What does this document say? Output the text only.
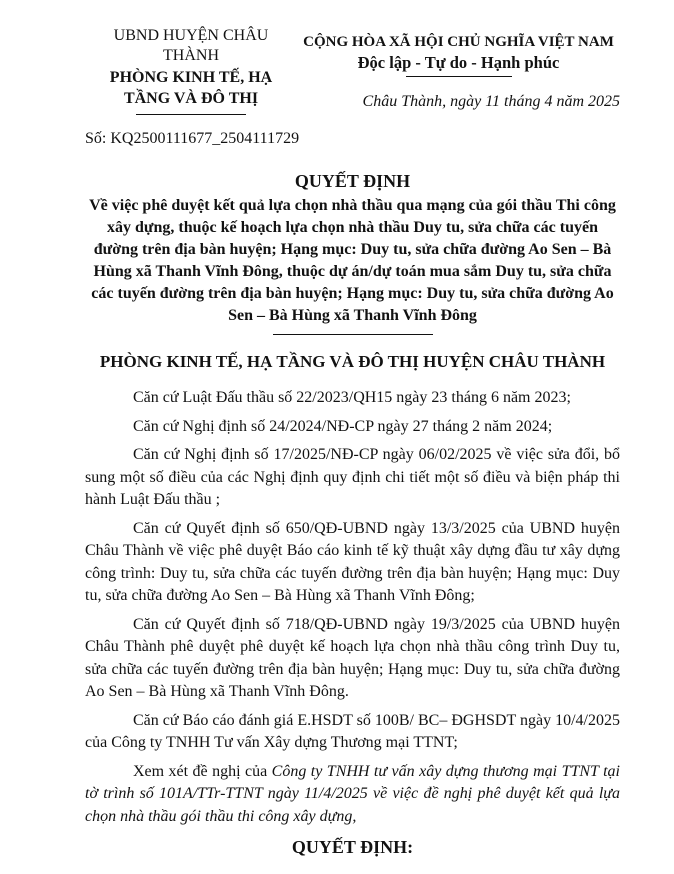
UBND HUYỆN CHÂU THÀNH
PHÒNG KINH TẾ, HẠ TẦNG VÀ ĐÔ THỊ
CỘNG HÒA XÃ HỘI CHỦ NGHĨA VIỆT NAM
Độc lập - Tự do - Hạnh phúc
Châu Thành, ngày 11 tháng 4 năm 2025
Số: KQ2500111677_2504111729
QUYẾT ĐỊNH
Về việc phê duyệt kết quả lựa chọn nhà thầu qua mạng của gói thầu Thi công xây dựng, thuộc kế hoạch lựa chọn nhà thầu Duy tu, sửa chữa các tuyến đường trên địa bàn huyện; Hạng mục: Duy tu, sửa chữa đường Ao Sen – Bà Hùng xã Thanh Vĩnh Đông, thuộc dự án/dự toán mua sắm Duy tu, sửa chữa các tuyến đường trên địa bàn huyện; Hạng mục: Duy tu, sửa chữa đường Ao Sen – Bà Hùng xã Thanh Vĩnh Đông
PHÒNG KINH TẾ, HẠ TẦNG VÀ ĐÔ THỊ HUYỆN CHÂU THÀNH

Căn cứ Luật Đấu thầu số 22/2023/QH15 ngày 23 tháng 6 năm 2023;

Căn cứ Nghị định số 24/2024/NĐ-CP ngày 27 tháng 2 năm 2024;

Căn cứ Nghị định số 17/2025/NĐ-CP ngày 06/02/2025 về việc sửa đổi, bổ sung một số điều của các Nghị định quy định chi tiết một số điều và biện pháp thi hành Luật Đấu thầu ;

Căn cứ Quyết định số 650/QĐ-UBND ngày 13/3/2025 của UBND huyện Châu Thành về việc phê duyệt Báo cáo kinh tế kỹ thuật xây dựng đầu tư xây dựng công trình: Duy tu, sửa chữa các tuyến đường trên địa bàn huyện; Hạng mục: Duy tu, sửa chữa đường Ao Sen – Bà Hùng xã Thanh Vĩnh Đông;

Căn cứ Quyết định số 718/QĐ-UBND ngày 19/3/2025 của UBND huyện Châu Thành phê duyệt phê duyệt kế hoạch lựa chọn nhà thầu công trình Duy tu, sửa chữa các tuyến đường trên địa bàn huyện; Hạng mục: Duy tu, sửa chữa đường Ao Sen – Bà Hùng xã Thanh Vĩnh Đông.

Căn cứ Báo cáo đánh giá E.HSDT số 100B/ BC– ĐGHSDT ngày 10/4/2025 của Công ty TNHH Tư vấn Xây dựng Thương mại TTNT;

Xem xét đề nghị của Công ty TNHH tư vấn xây dựng thương mại TTNT tại tờ trình số 101A/TTr-TTNT ngày 11/4/2025 về việc đề nghị phê duyệt kết quả lựa chọn nhà thầu gói thầu thi công xây dựng,

QUYẾT ĐỊNH:
